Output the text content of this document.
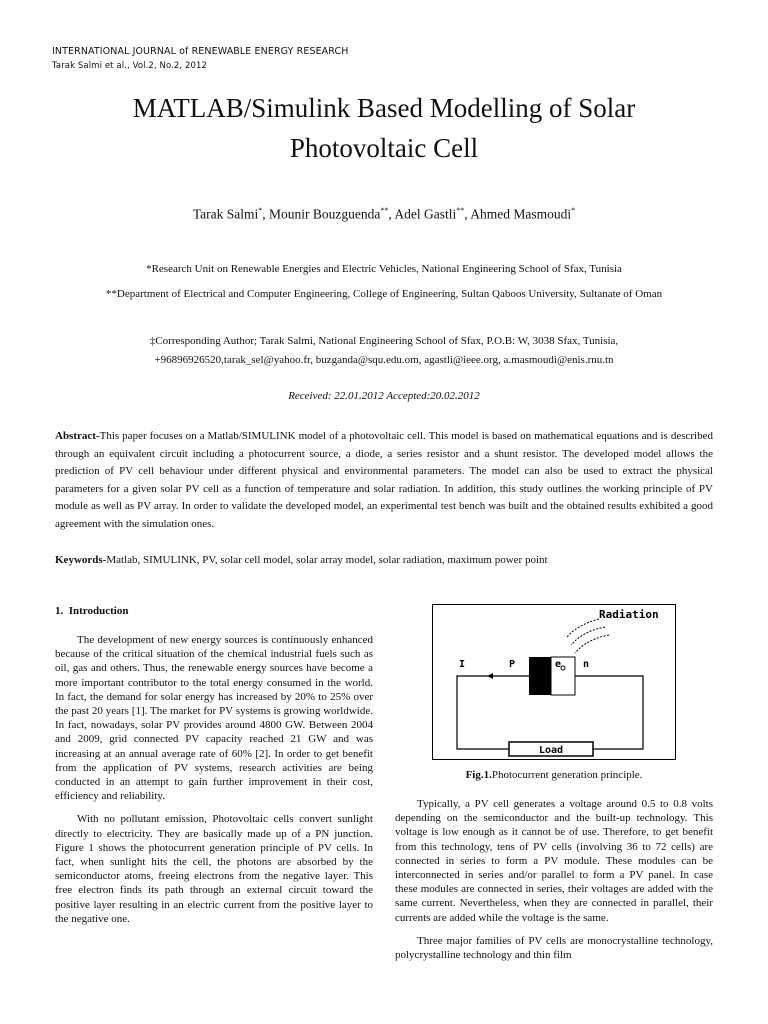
INTERNATIONAL JOURNAL of RENEWABLE ENERGY RESEARCH
Tarak Salmi et al., Vol.2, No.2, 2012
MATLAB/Simulink Based Modelling of Solar
Photovoltaic Cell
Tarak Salmi*, Mounir Bouzguenda**, Adel Gastli**, Ahmed Masmoudi*
*Research Unit on Renewable Energies and Electric Vehicles, National Engineering School of Sfax, Tunisia
**Department of Electrical and Computer Engineering, College of Engineering, Sultan Qaboos University, Sultanate of Oman
‡Corresponding Author; Tarak Salmi, National Engineering School of Sfax, P.O.B: W, 3038 Sfax, Tunisia,
+96896926520,tarak_sel@yahoo.fr, buzganda@squ.edu.om, agastli@ieee.org, a.masmoudi@enis.rnu.tn
Received: 22.01.2012 Accepted:20.02.2012
Abstract-This paper focuses on a Matlab/SIMULINK model of a photovoltaic cell. This model is based on mathematical equations and is described through an equivalent circuit including a photocurrent source, a diode, a series resistor and a shunt resistor. The developed model allows the prediction of PV cell behaviour under different physical and environmental parameters. The model can also be used to extract the physical parameters for a given solar PV cell as a function of temperature and solar radiation. In addition, this study outlines the working principle of PV module as well as PV array. In order to validate the developed model, an experimental test bench was built and the obtained results exhibited a good agreement with the simulation ones.
Keywords-Matlab, SIMULINK, PV, solar cell model, solar array model, solar radiation, maximum power point
1. Introduction

The development of new energy sources is continuously enhanced because of the critical situation of the chemical industrial fuels such as oil, gas and others. Thus, the renewable energy sources have become a more important contributor to the total energy consumed in the world. In fact, the demand for solar energy has increased by 20% to 25% over the past 20 years [1]. The market for PV systems is growing worldwide. In fact, nowadays, solar PV provides around 4800 GW. Between 2004 and 2009, grid connected PV capacity reached 21 GW and was increasing at an annual average rate of 60% [2]. In order to get benefit from the application of PV systems, research activities are being conducted in an attempt to gain further improvement in their cost, efficiency and reliability.

With no pollutant emission, Photovoltaic cells convert sunlight directly to electricity. They are basically made up of a PN junction. Figure 1 shows the photocurrent generation principle of PV cells. In fact, when sunlight hits the cell, the photons are absorbed by the semiconductor atoms, freeing electrons from the negative layer. This free electron finds its path through an external circuit toward the positive layer resulting in an electric current from the positive layer to the negative one.

Radiation
e
I	P	n
Load
Fig.1.Photocurrent generation principle.

Typically, a PV cell generates a voltage around 0.5 to 0.8 volts depending on the semiconductor and the built-up technology. This voltage is low enough as it cannot be of use. Therefore, to get benefit from this technology, tens of PV cells (involving 36 to 72 cells) are connected in series to form a PV module. These modules can be interconnected in series and/or parallel to form a PV panel. In case these modules are connected in series, their voltages are added with the same current. Nevertheless, when they are connected in parallel, their currents are added while the voltage is the same.

Three major families of PV cells are monocrystalline technology, polycrystalline technology and thin film
